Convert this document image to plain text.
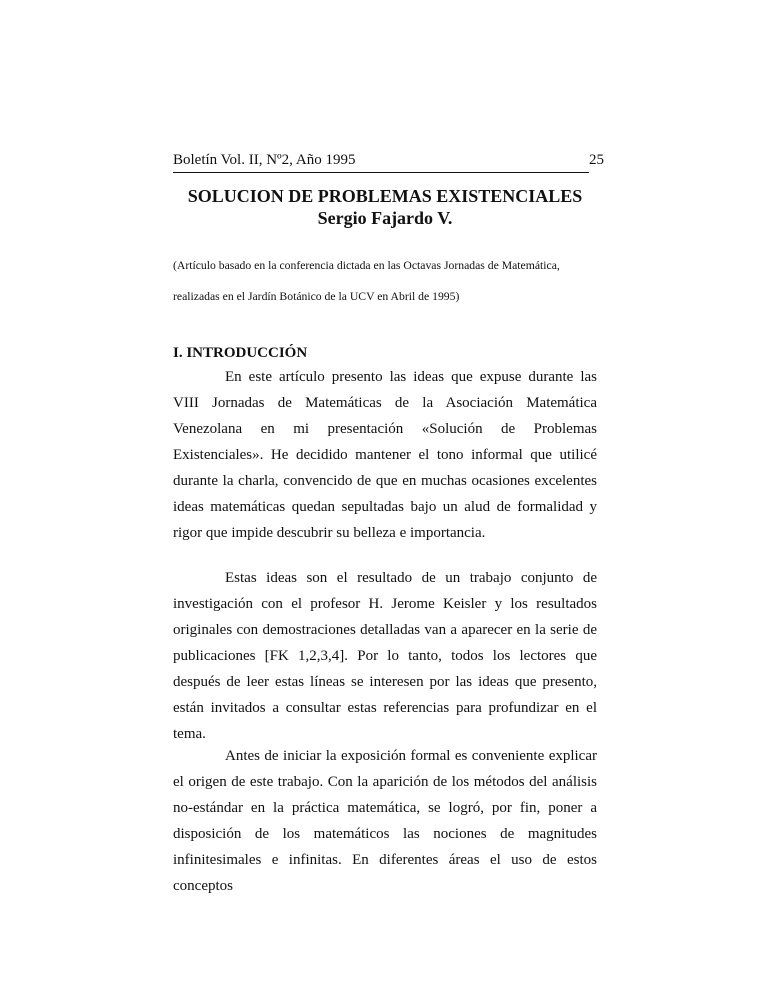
Boletín Vol. II, Nº2, Año 1995	25
SOLUCION DE PROBLEMAS EXISTENCIALES
Sergio Fajardo V.
(Artículo basado en la conferencia dictada en las Octavas Jornadas de Matemática,
realizadas en el Jardín Botánico de la UCV en Abril de 1995)
I. INTRODUCCIÓN

En este artículo presento las ideas que expuse durante las VIII Jornadas de Matemáticas de la Asociación Matemática Venezolana en mi presentación «Solución de Problemas Existenciales». He decidido mantener el tono informal que utilicé durante la charla, convencido de que en muchas ocasiones excelentes ideas matemáticas quedan sepultadas bajo un alud de formalidad y rigor que impide descubrir su belleza e importancia.

Estas ideas son el resultado de un trabajo conjunto de investigación con el profesor H. Jerome Keisler y los resultados originales con demostraciones detalladas van a aparecer en la serie de publicaciones [FK 1,2,3,4]. Por lo tanto, todos los lectores que después de leer estas líneas se interesen por las ideas que presento, están invitados a consultar estas referencias para profundizar en el tema.

Antes de iniciar la exposición formal es conveniente explicar el origen de este trabajo. Con la aparición de los métodos del análisis no-estándar en la práctica matemática, se logró, por fin, poner a disposición de los matemáticos las nociones de magnitudes infinitesimales e infinitas. En diferentes áreas el uso de estos conceptos
